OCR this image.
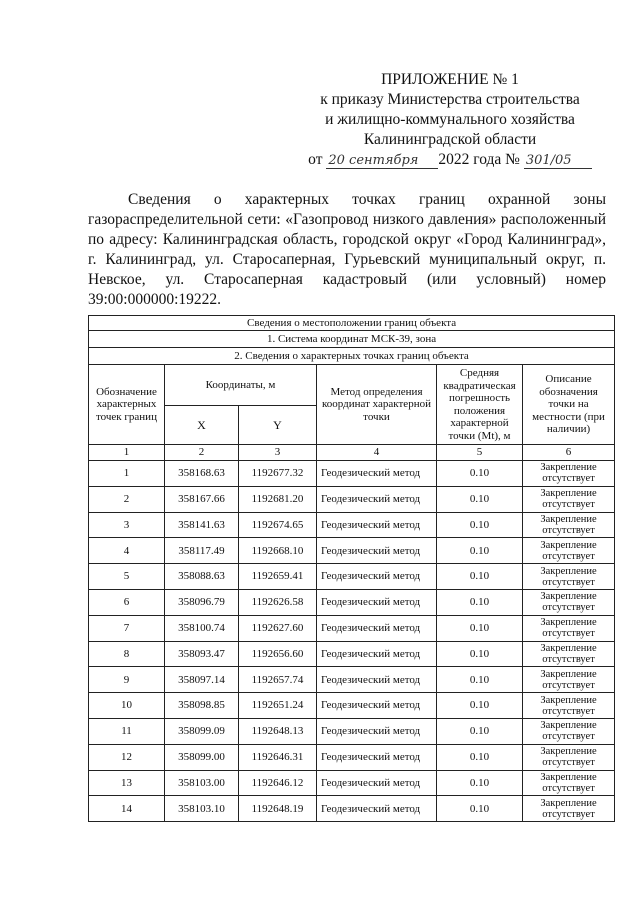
ПРИЛОЖЕНИЕ № 1
к приказу Министерства строительства
и жилищно-коммунального хозяйства
Калининградской области
от 20 сентября 2022 года № 301/05
Сведения о характерных точках границ охранной зоны газораспределительной сети: «Газопровод низкого давления» расположенный по адресу: Калининградская область, городской округ «Город Калининград», г. Калининград, ул. Старосаперная, Гурьевский муниципальный округ, п. Невское, ул. Старосаперная кадастровый (или условный) номер 39:00:000000:19222.
Сведения о местоположении границ объекта					
1. Система координат МСК-39, зона					
2. Сведения о характерных точках границ объекта					
Обозначение характерных точек границ	Координаты, м		Метод определения координат характерной точки	Средняя квадратическая погрешность положения характерной точки (Mt), м	Описание обозначения точки на местности (при наличии)
	X	Y			
1	2	3	4	5	6
1	358168.63	1192677.32	Геодезический метод	0.10	Закрепление отсутствует
2	358167.66	1192681.20	Геодезический метод	0.10	Закрепление отсутствует
3	358141.63	1192674.65	Геодезический метод	0.10	Закрепление отсутствует
4	358117.49	1192668.10	Геодезический метод	0.10	Закрепление отсутствует
5	358088.63	1192659.41	Геодезический метод	0.10	Закрепление отсутствует
6	358096.79	1192626.58	Геодезический метод	0.10	Закрепление отсутствует
7	358100.74	1192627.60	Геодезический метод	0.10	Закрепление отсутствует
8	358093.47	1192656.60	Геодезический метод	0.10	Закрепление отсутствует
9	358097.14	1192657.74	Геодезический метод	0.10	Закрепление отсутствует
10	358098.85	1192651.24	Геодезический метод	0.10	Закрепление отсутствует
11	358099.09	1192648.13	Геодезический метод	0.10	Закрепление отсутствует
12	358099.00	1192646.31	Геодезический метод	0.10	Закрепление отсутствует
13	358103.00	1192646.12	Геодезический метод	0.10	Закрепление отсутствует
14	358103.10	1192648.19	Геодезический метод	0.10	Закрепление отсутствует
